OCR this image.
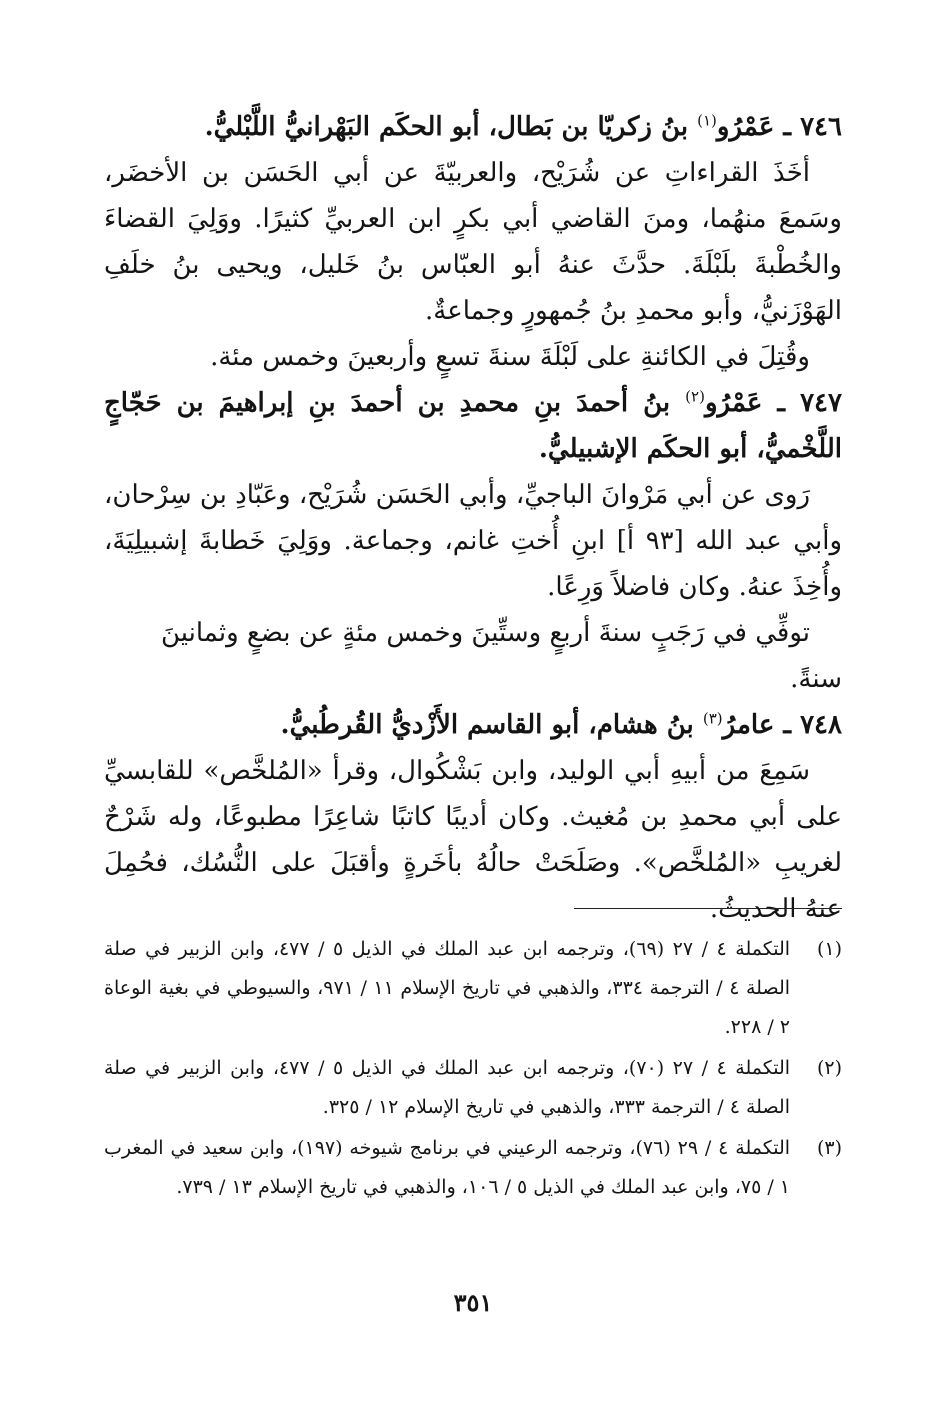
٧٤٦ ـ عَمْرُو$^{(١)}$ بنُ زكريّا بن بَطال، أبو الحكَم البَهْرانيُّ اللَّبْليُّ.

أخَذَ القراءاتِ عن شُرَيْح، والعربيّةَ عن أبي الحَسَن بن الأخضَر، وسَمعَ منهُما، ومنَ القاضي أبي بكرٍ ابن العربيِّ كثيرًا. ووَلِيَ القضاءَ والخُطْبةَ بلَبْلَةَ. حدَّثَ عنهُ أبو العبّاس بنُ خَليل، ويحيى بنُ خلَفِ الهَوْزَنيُّ، وأبو محمدِ بنُ جُمهورٍ وجماعةٌ.

وقُتِلَ في الكائنةِ على لَبْلَةَ سنةَ تسعٍ وأربعينَ وخمس مئة.

٧٤٧ ـ عَمْرُو$^{(٢)}$ بنُ أحمدَ بنِ محمدِ بن أحمدَ بنِ إبراهيمَ بن حَجّاجٍ اللَّخْميُّ، أبو الحكَم الإشبيليُّ.

رَوى عن أبي مَرْوانَ الباجيِّ، وأبي الحَسَن شُرَيْح، وعَبّادِ بن سِرْحان، وأبي عبد الله [٩٣ أ] ابنِ أُختِ غانم، وجماعة. ووَلِيَ خَطابةَ إشبيلِيَةَ، وأُخِذَ عنهُ. وكان فاضلاً وَرِعًا.

توفِّي في رَجَبٍ سنةَ أربعٍ وستِّينَ وخمس مئةٍ عن بضعٍ وثمانينَ سنةً.

٧٤٨ ـ عامرُ$^{(٣)}$ بنُ هشام، أبو القاسم الأَزْديُّ القُرطُبيُّ.

سَمِعَ من أبيهِ أبي الوليد، وابن بَشْكُوال، وقرأ «المُلخَّص» للقابسيِّ على أبي محمدِ بن مُغيث. وكان أديبًا كاتبًا شاعِرًا مطبوعًا، وله شَرْحٌ لغريبِ «المُلخَّص». وصَلَحَتْ حالُهُ بأخَرةٍ وأقبَلَ على النُّسُك، فحُمِلَ عنهُ الحديثُ.

(١)
التكملة ٤ / ٢٧ (٦٩)، وترجمه ابن عبد الملك في الذيل ٥ / ٤٧٧، وابن الزبير في صلة الصلة ٤ / الترجمة ٣٣٤، والذهبي في تاريخ الإسلام ١١ / ٩٧١، والسيوطي في بغية الوعاة ٢ / ٢٢٨.
(٢)
التكملة ٤ / ٢٧ (٧٠)، وترجمه ابن عبد الملك في الذيل ٥ / ٤٧٧، وابن الزبير في صلة الصلة ٤ / الترجمة ٣٣٣، والذهبي في تاريخ الإسلام ١٢ / ٣٢٥.
(٣)
التكملة ٤ / ٢٩ (٧٦)، وترجمه الرعيني في برنامج شيوخه (١٩٧)، وابن سعيد في المغرب ١ / ٧٥، وابن عبد الملك في الذيل ٥ / ١٠٦، والذهبي في تاريخ الإسلام ١٣ / ٧٣٩.
٣٥١
